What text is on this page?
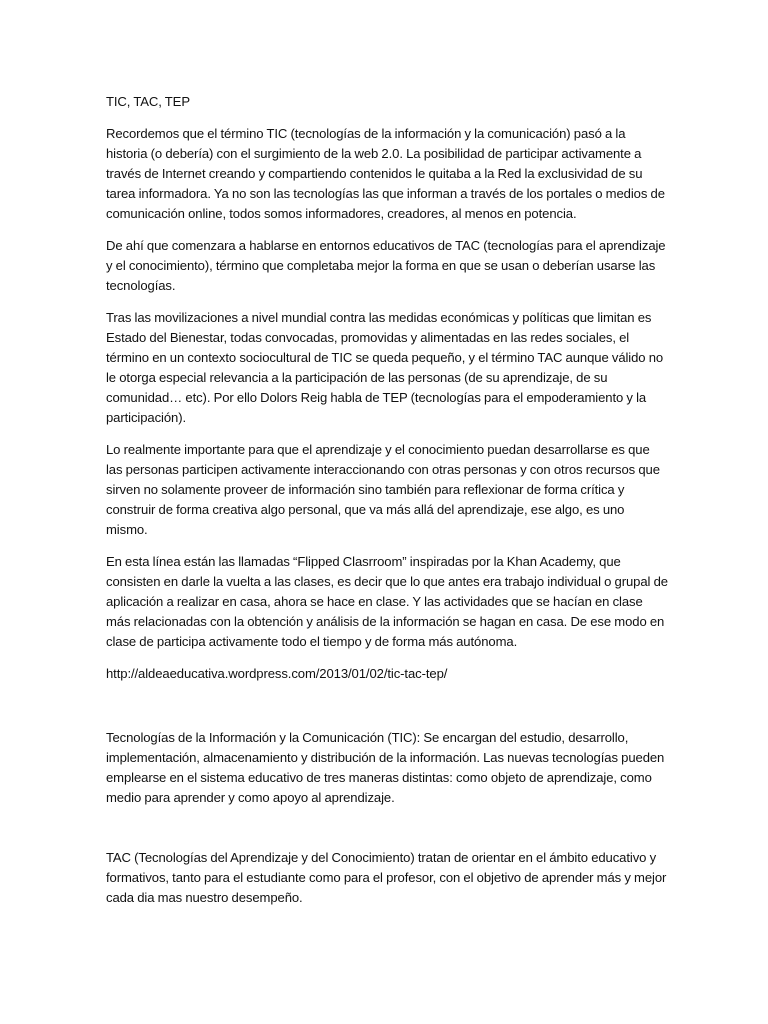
TIC, TAC, TEP

Recordemos que el término TIC (tecnologías de la información y la comunicación) pasó a la historia (o debería) con el surgimiento de la web 2.0. La posibilidad de participar activamente a través de Internet creando y compartiendo contenidos le quitaba a la Red la exclusividad de su tarea informadora. Ya no son las tecnologías las que informan a través de los portales o medios de comunicación online, todos somos informadores, creadores, al menos en potencia.

De ahí que comenzara a hablarse en entornos educativos de TAC (tecnologías para el aprendizaje y el conocimiento), término que completaba mejor la forma en que se usan o deberían usarse las tecnologías.

Tras las movilizaciones a nivel mundial contra las medidas económicas y políticas que limitan es Estado del Bienestar, todas convocadas, promovidas y alimentadas en las redes sociales, el término en un contexto sociocultural de TIC se queda pequeño, y el término TAC aunque válido no le otorga especial relevancia a la participación de las personas (de su aprendizaje, de su comunidad… etc). Por ello Dolors Reig habla de TEP (tecnologías para el empoderamiento y la participación).

Lo realmente importante para que el aprendizaje y el conocimiento puedan desarrollarse es que las personas participen activamente interaccionando con otras personas y con otros recursos que sirven no solamente proveer de información sino también para reflexionar de forma crítica y construir de forma creativa algo personal, que va más allá del aprendizaje, ese algo, es uno mismo.

En esta línea están las llamadas “Flipped Clasrroom” inspiradas por la Khan Academy, que consisten en darle la vuelta a las clases, es decir que lo que antes era trabajo individual o grupal de aplicación a realizar en casa, ahora se hace en clase. Y las actividades que se hacían en clase más relacionadas con la obtención y análisis de la información se hagan en casa. De ese modo en clase de participa activamente todo el tiempo y de forma más autónoma.

http://aldeaeducativa.wordpress.com/2013/01/02/tic-tac-tep/

Tecnologías de la Información y la Comunicación (TIC): Se encargan del estudio, desarrollo, implementación, almacenamiento y distribución de la información. Las nuevas tecnologías pueden emplearse en el sistema educativo de tres maneras distintas: como objeto de aprendizaje, como medio para aprender y como apoyo al aprendizaje.

TAC (Tecnologías del Aprendizaje y del Conocimiento) tratan de orientar en el ámbito educativo y formativos, tanto para el estudiante como para el profesor, con el objetivo de aprender más y mejor cada dia mas nuestro desempeño.
